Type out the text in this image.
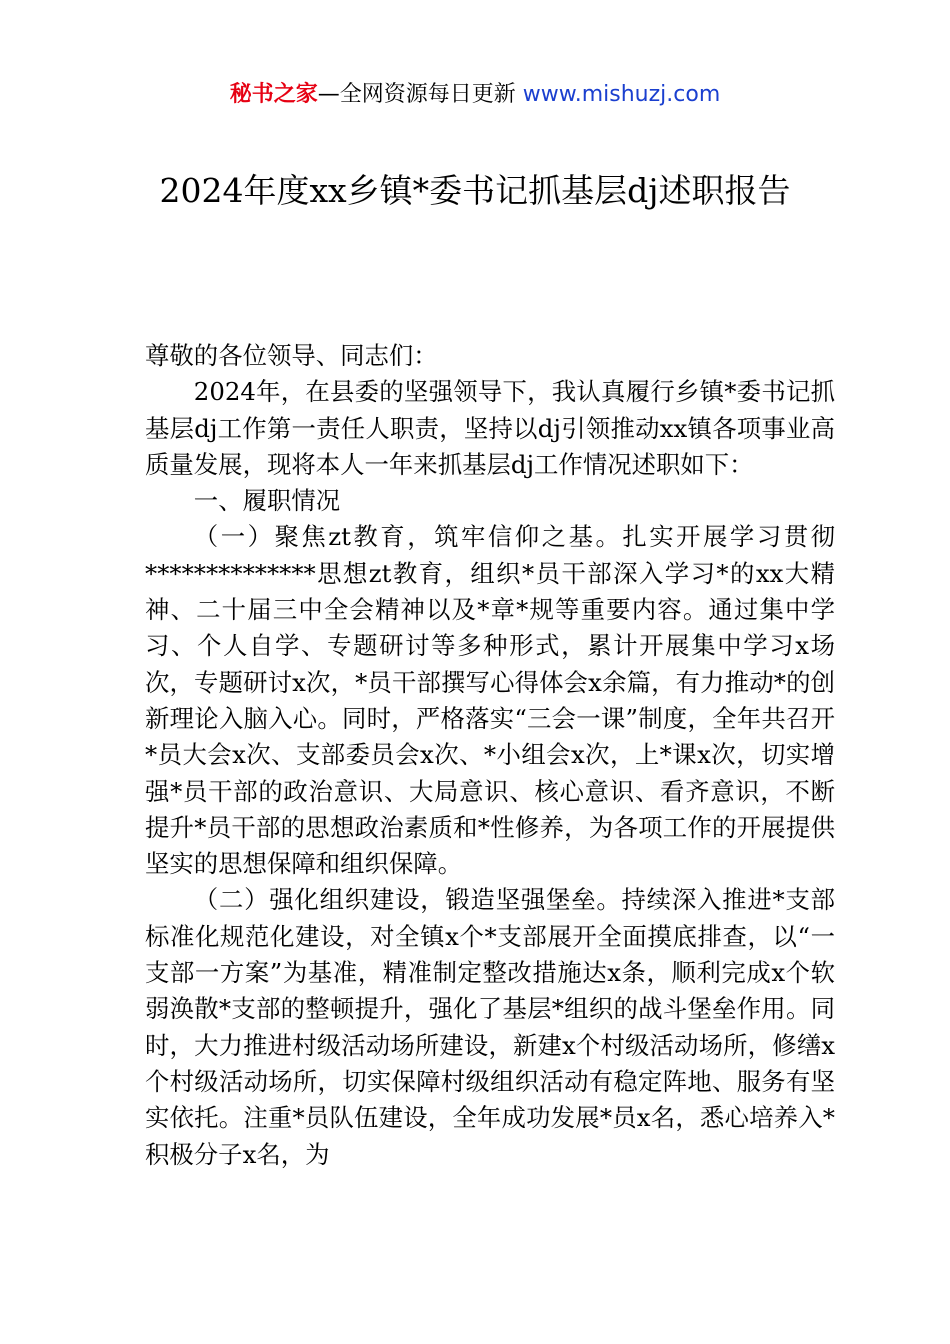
秘书之家—全网资源每日更新 www.mishuzj.com
2024年度xx乡镇*委书记抓基层dj述职报告

尊敬的各位领导、同志们：

2024年，在县委的坚强领导下，我认真履行乡镇*委书记抓基层dj工作第一责任人职责，坚持以dj引领推动xx镇各项事业高质量发展，现将本人一年来抓基层dj工作情况述职如下：

一、履职情况

（一）聚焦zt教育，筑牢信仰之基。扎实开展学习贯彻**************思想zt教育，组织*员干部深入学习*的xx大精神、二十届三中全会精神以及*章*规等重要内容。通过集中学习、个人自学、专题研讨等多种形式，累计开展集中学习x场次，专题研讨x次，*员干部撰写心得体会x余篇，有力推动*的创新理论入脑入心。同时，严格落实“三会一课”制度，全年共召开*员大会x次、支部委员会x次、*小组会x次，上*课x次，切实增强*员干部的政治意识、大局意识、核心意识、看齐意识，不断提升*员干部的思想政治素质和*性修养，为各项工作的开展提供坚实的思想保障和组织保障。

（二）强化组织建设，锻造坚强堡垒。持续深入推进*支部标准化规范化建设，对全镇x个*支部展开全面摸底排查，以“一支部一方案”为基准，精准制定整改措施达x条，顺利完成x个软弱涣散*支部的整顿提升，强化了基层*组织的战斗堡垒作用。同时，大力推进村级活动场所建设，新建x个村级活动场所，修缮x个村级活动场所，切实保障村级组织活动有稳定阵地、服务有坚实依托。注重*员队伍建设，全年成功发展*员x名，悉心培养入*积极分子x名，为
